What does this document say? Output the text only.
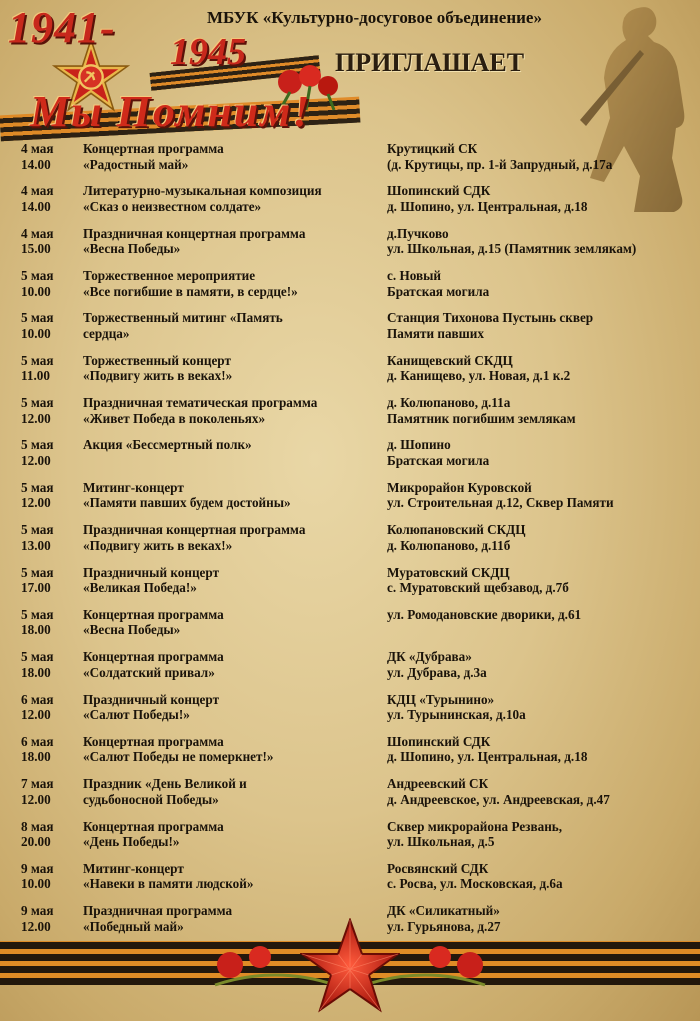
1941- 1945
МБУК «Культурно-досуговое объединение»
ПРИГЛАШАЕТ
Мы Помним!
4 мая
14.00
Концертная программа
«Радостный май»
Крутицкий СК
(д. Крутицы, пр. 1-й Запрудный, д.17а
4 мая
14.00
Литературно-музыкальная композиция
«Сказ о неизвестном солдате»
Шопинский СДК
д. Шопино, ул. Центральная, д.18
4 мая
15.00
Праздничная концертная программа
«Весна Победы»
д.Пучково
ул. Школьная, д.15 (Памятник землякам)
5 мая
10.00
Торжественное мероприятие
«Все погибшие в памяти, в сердце!»
с. Новый
Братская могила
5 мая
10.00
Торжественный митинг «Память
сердца»
Станция Тихонова Пустынь сквер
Памяти павших
5 мая
11.00
Торжественный концерт
«Подвигу жить в веках!»
Канищевский СКДЦ
д. Канищево, ул. Новая, д.1 к.2
5 мая
12.00
Праздничная тематическая программа
«Живет Победа в поколеньях»
д. Колюпаново, д.11а
Памятник погибшим землякам
5 мая
12.00
Акция «Бессмертный полк»	д. Шопино
Братская могила
5 мая
12.00
Митинг-концерт
«Памяти павших будем достойны»
Микрорайон Куровской
ул. Строительная д.12, Сквер Памяти
5 мая
13.00
Праздничная концертная программа
«Подвигу жить в веках!»
Колюпановский СКДЦ
д. Колюпаново, д.11б
5 мая
17.00
Праздничный концерт
«Великая Победа!»
Муратовский СКДЦ
с. Муратовский щебзавод, д.7б
5 мая
18.00
Концертная программа
«Весна Победы»
ул. Ромодановские дворики, д.61
5 мая
18.00
Концертная программа
«Солдатский привал»
ДК «Дубрава»
ул. Дубрава, д.3а
6 мая
12.00
Праздничный концерт
«Салют Победы!»
КДЦ «Турынино»
ул. Турынинская, д.10а
6 мая
18.00
Концертная программа
«Салют Победы не померкнет!»
Шопинский СДК
д. Шопино, ул. Центральная, д.18
7 мая
12.00
Праздник «День Великой и
судьбоносной Победы»
Андреевский СК
д. Андреевское, ул. Андреевская, д.47
8 мая
20.00
Концертная программа
«День Победы!»
Сквер микрорайона Резвань,
ул. Школьная, д.5
9 мая
10.00
Митинг-концерт
«Навеки в памяти людской»
Росвянский СДК
с. Росва, ул. Московская, д.6а
9 мая
12.00
Праздничная программа
«Победный май»
ДК «Силикатный»
ул. Гурьянова, д.27
